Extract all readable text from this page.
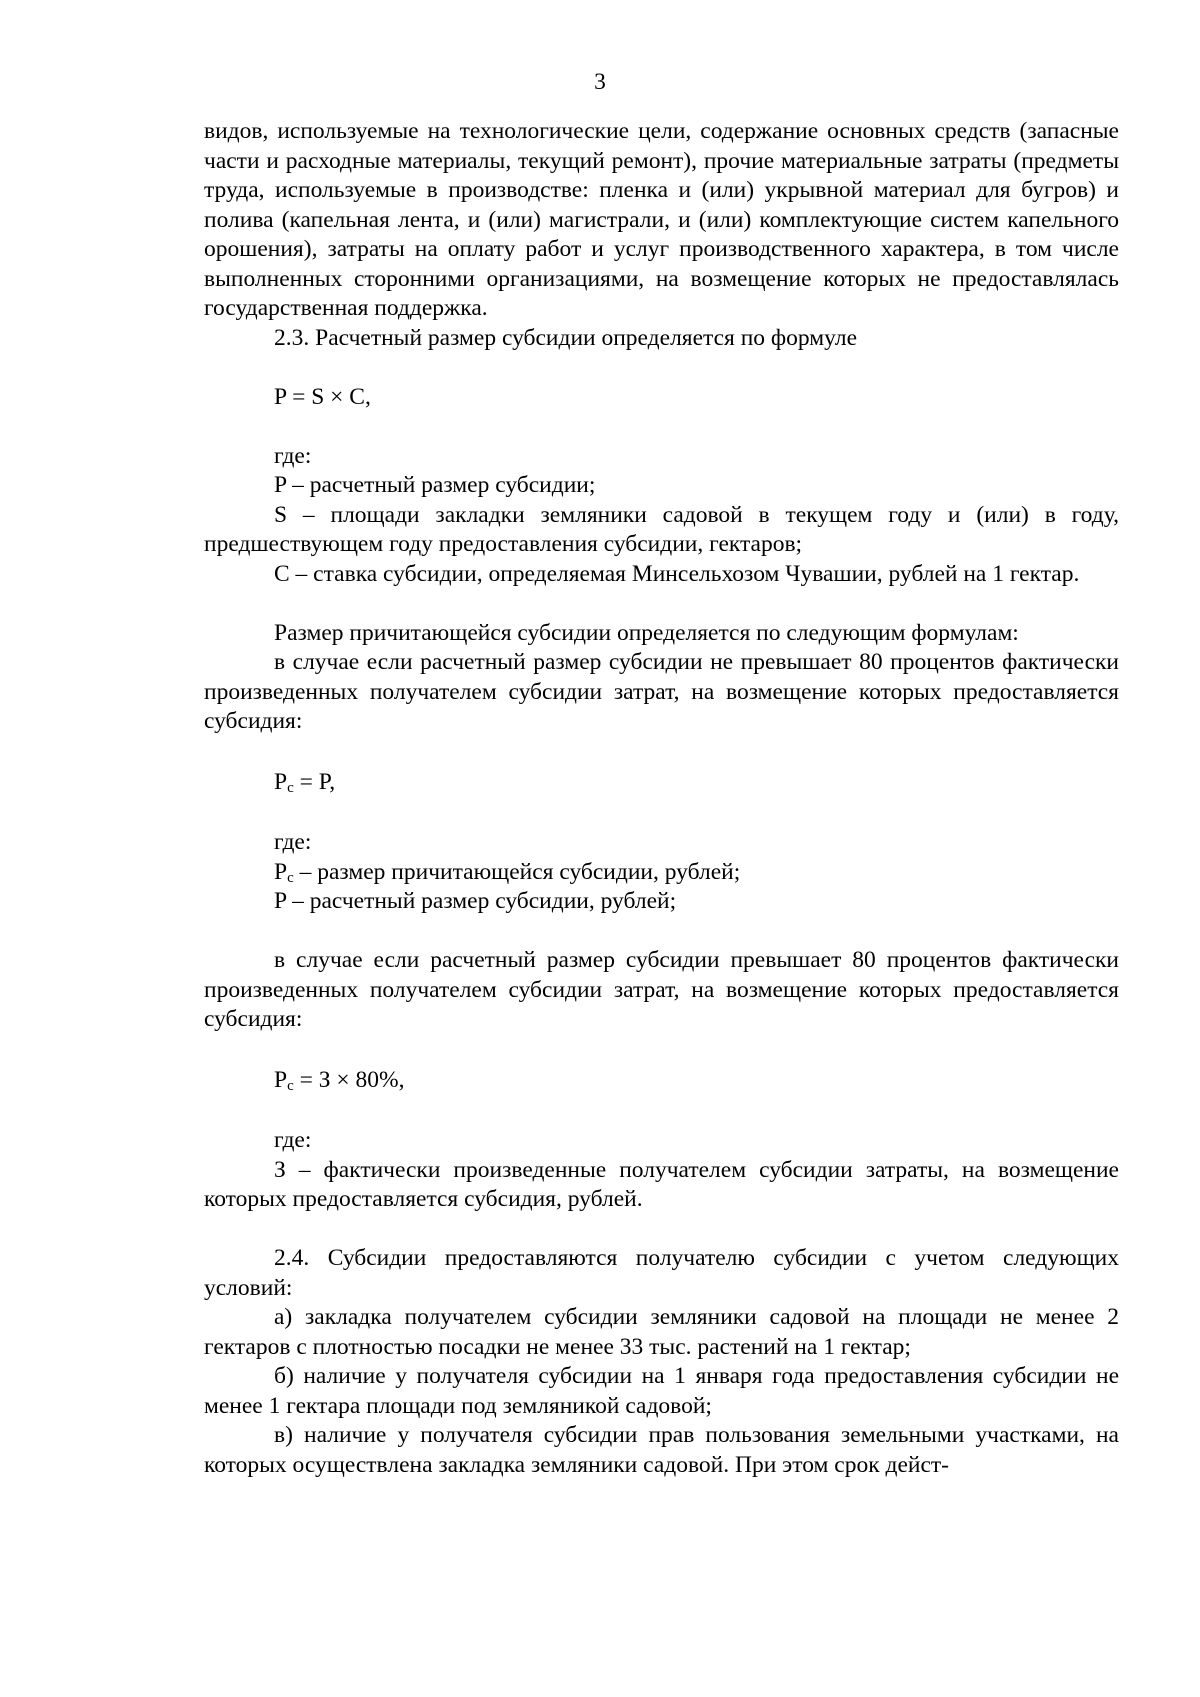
3

видов, используемые на технологические цели, содержание основных средств (запасные части и расходные материалы, текущий ремонт), прочие материальные затраты (предметы труда, используемые в производстве: пленка и (или) укрывной материал для бугров) и полива (капельная лента, и (или) магистрали, и (или) комплектующие систем капельного орошения), затраты на оплату работ и услуг производственного характера, в том числе выполненных сторонними организациями, на возмещение которых не предоставлялась государственная поддержка.

2.3. Расчетный размер субсидии определяется по формуле

P = S × C,

где:

P – расчетный размер субсидии;

S – площади закладки земляники садовой в текущем году и (или) в году, предшествующем году предоставления субсидии, гектаров;

C – ставка субсидии, определяемая Минсельхозом Чувашии, рублей на 1 гектар.

Размер причитающейся субсидии определяется по следующим формулам:

в случае если расчетный размер субсидии не превышает 80 процентов фактически произведенных получателем субсидии затрат, на возмещение которых предоставляется субсидия:

$P_c = P$,

где:

$P_c$ – размер причитающейся субсидии, рублей;

P – расчетный размер субсидии, рублей;

в случае если расчетный размер субсидии превышает 80 процентов фактически произведенных получателем субсидии затрат, на возмещение которых предоставляется субсидия:

$P_c = З \times 80\%$,

где:

З – фактически произведенные получателем субсидии затраты, на возмещение которых предоставляется субсидия, рублей.

2.4. Субсидии предоставляются получателю субсидии с учетом следующих условий:

а) закладка получателем субсидии земляники садовой на площади не менее 2 гектаров с плотностью посадки не менее 33 тыс. растений на 1 гектар;

б) наличие у получателя субсидии на 1 января года предоставления субсидии не менее 1 гектара площади под земляникой садовой;

в) наличие у получателя субсидии прав пользования земельными участками, на которых осуществлена закладка земляники садовой. При этом срок дейст-
